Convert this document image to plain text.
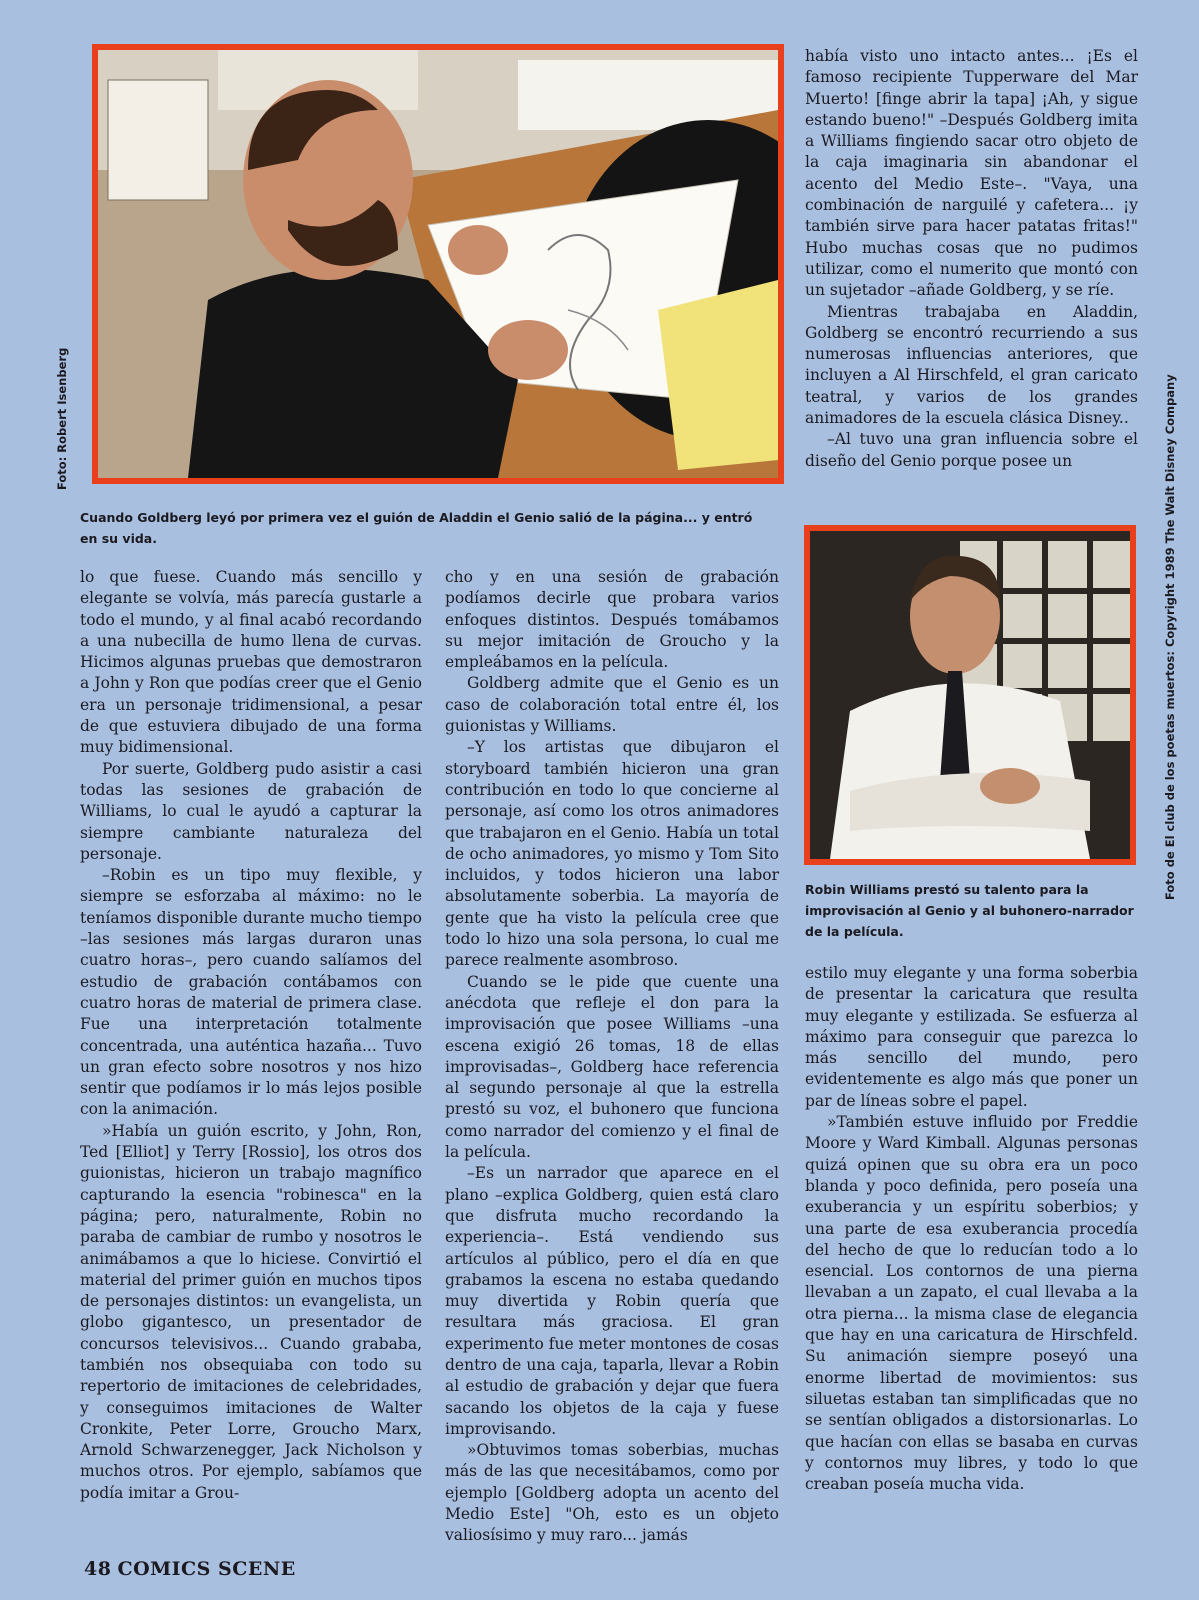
Foto: Robert Isenberg
Cuando Goldberg leyó por primera vez el guión de Aladdin el Genio salió de la página... y entró en su vida.	Foto de El club de los poetas muertos: Copyright 1989 The Walt Disney Company
Robin Williams prestó su talento para la improvisación al Genio y al buhonero-narrador de la película.

había visto uno intacto antes... ¡Es el famoso recipiente Tupperware del Mar Muerto! [finge abrir la tapa] ¡Ah, y sigue estando bueno!" –Después Goldberg imita a Williams fingiendo sacar otro objeto de la caja imaginaria sin abandonar el acento del Medio Este–. "Vaya, una combinación de narguilé y cafetera... ¡y también sirve para hacer patatas fritas!" Hubo muchas cosas que no pudimos utilizar, como el numerito que montó con un sujetador –añade Goldberg, y se ríe.

Mientras trabajaba en Aladdin, Goldberg se encontró recurriendo a sus numerosas influencias anteriores, que incluyen a Al Hirschfeld, el gran caricato teatral, y varios de los grandes animadores de la escuela clásica Disney..

–Al tuvo una gran influencia sobre el diseño del Genio porque posee un

lo que fuese. Cuando más sencillo y elegante se volvía, más parecía gustarle a todo el mundo, y al final acabó recordando a una nubecilla de humo llena de curvas. Hicimos algunas pruebas que demostraron a John y Ron que podías creer que el Genio era un personaje tridimensional, a pesar de que estuviera dibujado de una forma muy bidimensional.

Por suerte, Goldberg pudo asistir a casi todas las sesiones de grabación de Williams, lo cual le ayudó a capturar la siempre cambiante naturaleza del personaje.

–Robin es un tipo muy flexible, y siempre se esforzaba al máximo: no le teníamos disponible durante mucho tiempo –las sesiones más largas duraron unas cuatro horas–, pero cuando salíamos del estudio de grabación contábamos con cuatro horas de material de primera clase. Fue una interpretación totalmente concentrada, una auténtica hazaña... Tuvo un gran efecto sobre nosotros y nos hizo sentir que podíamos ir lo más lejos posible con la animación.

»Había un guión escrito, y John, Ron, Ted [Elliot] y Terry [Rossio], los otros dos guionistas, hicieron un trabajo magnífico capturando la esencia "robinesca" en la página; pero, naturalmente, Robin no paraba de cambiar de rumbo y nosotros le animábamos a que lo hiciese. Convirtió el material del primer guión en muchos tipos de personajes distintos: un evangelista, un globo gigantesco, un presentador de concursos televisivos... Cuando grababa, también nos obsequiaba con todo su repertorio de imitaciones de celebridades, y conseguimos imitaciones de Walter Cronkite, Peter Lorre, Groucho Marx, Arnold Schwarzenegger, Jack Nicholson y muchos otros. Por ejemplo, sabíamos que podía imitar a Grou-

cho y en una sesión de grabación podíamos decirle que probara varios enfoques distintos. Después tomábamos su mejor imitación de Groucho y la empleábamos en la película.

Goldberg admite que el Genio es un caso de colaboración total entre él, los guionistas y Williams.

–Y los artistas que dibujaron el storyboard también hicieron una gran contribución en todo lo que concierne al personaje, así como los otros animadores que trabajaron en el Genio. Había un total de ocho animadores, yo mismo y Tom Sito incluidos, y todos hicieron una labor absolutamente soberbia. La mayoría de gente que ha visto la película cree que todo lo hizo una sola persona, lo cual me parece realmente asombroso.

Cuando se le pide que cuente una anécdota que refleje el don para la improvisación que posee Williams –una escena exigió 26 tomas, 18 de ellas improvisadas–, Goldberg hace referencia al segundo personaje al que la estrella prestó su voz, el buhonero que funciona como narrador del comienzo y el final de la película.

–Es un narrador que aparece en el plano –explica Goldberg, quien está claro que disfruta mucho recordando la experiencia–. Está vendiendo sus artículos al público, pero el día en que grabamos la escena no estaba quedando muy divertida y Robin quería que resultara más graciosa. El gran experimento fue meter montones de cosas dentro de una caja, taparla, llevar a Robin al estudio de grabación y dejar que fuera sacando los objetos de la caja y fuese improvisando.

»Obtuvimos tomas soberbias, muchas más de las que necesitábamos, como por ejemplo [Goldberg adopta un acento del Medio Este] "Oh, esto es un objeto valiosísimo y muy raro... jamás

estilo muy elegante y una forma soberbia de presentar la caricatura que resulta muy elegante y estilizada. Se esfuerza al máximo para conseguir que parezca lo más sencillo del mundo, pero evidentemente es algo más que poner un par de líneas sobre el papel.

»También estuve influido por Freddie Moore y Ward Kimball. Algunas personas quizá opinen que su obra era un poco blanda y poco definida, pero poseía una exuberancia y un espíritu soberbios; y una parte de esa exuberancia procedía del hecho de que lo reducían todo a lo esencial. Los contornos de una pierna llevaban a un zapato, el cual llevaba a la otra pierna... la misma clase de elegancia que hay en una caricatura de Hirschfeld. Su animación siempre poseyó una enorme libertad de movimientos: sus siluetas estaban tan simplificadas que no se sentían obligados a distorsionarlas. Lo que hacían con ellas se basaba en curvas y contornos muy libres, y todo lo que creaban poseía mucha vida.

48 COMICS SCENE
